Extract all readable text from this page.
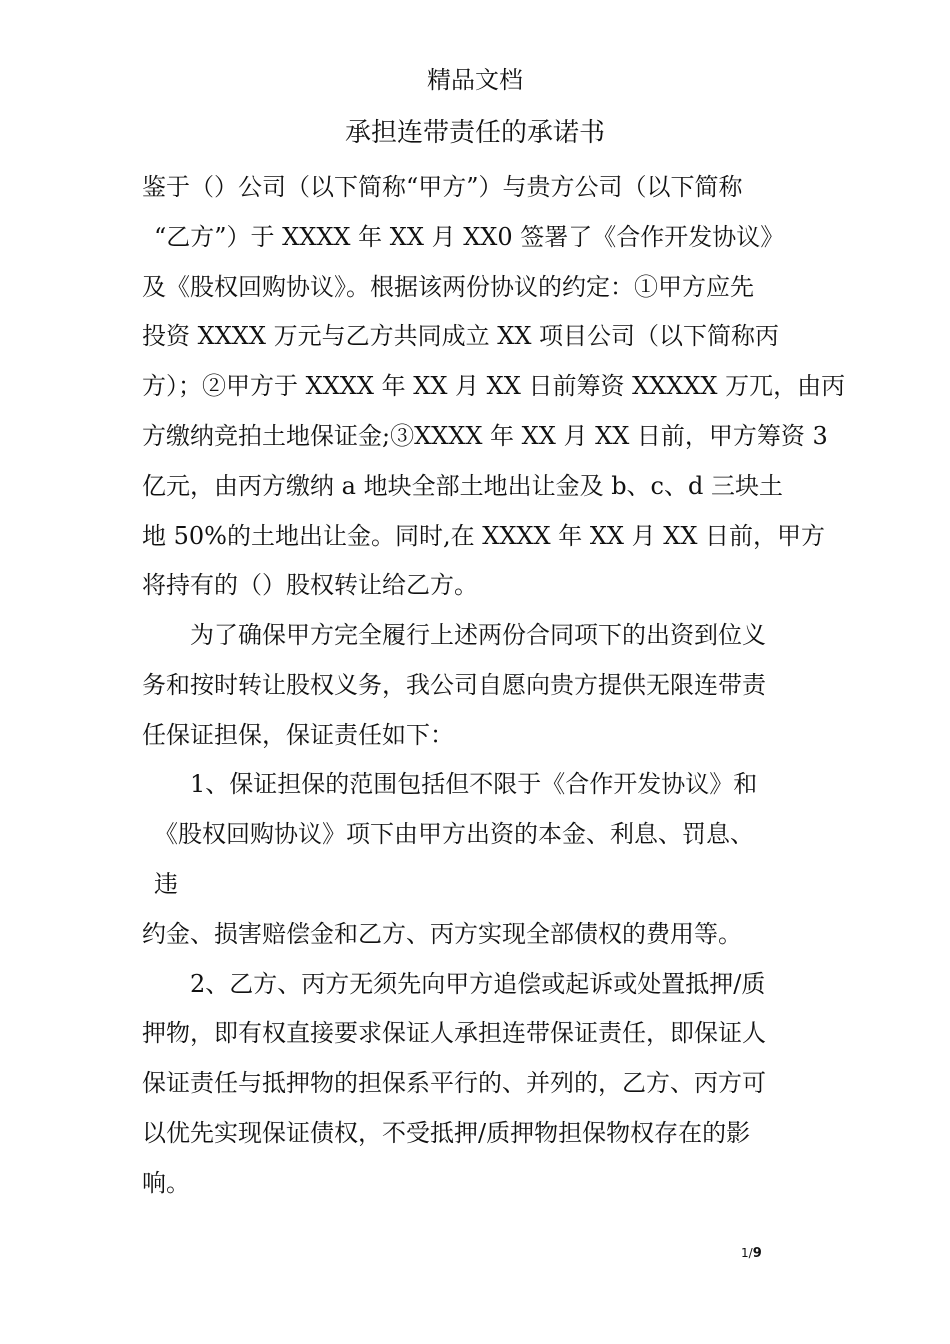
精品文档
承担连带责任的承诺书
鉴于（）公司（以下简称“甲方”）与贵方公司（以下简称
“乙方”）于 XXXX 年 XX 月 XX0 签署了《合作开发协议》
及《股权回购协议》。根据该两份协议的约定：①甲方应先
投资 XXXX 万元与乙方共同成立 XX 项目公司（以下简称丙
方）；②甲方于 XXXX 年 XX 月 XX 日前筹资 XXXXX 万兀，由丙
方缴纳竞拍土地保证金;③XXXX 年 XX 月 XX 日前，甲方筹资 3
亿元，由丙方缴纳 a 地块全部土地出让金及 b、c、d 三块土
地 50%的土地出让金。同时,在 XXXX 年 XX 月 XX 日前，甲方
将持有的（）股权转让给乙方。
为了确保甲方完全履行上述两份合同项下的出资到位义
务和按时转让股权义务，我公司自愿向贵方提供无限连带责
任保证担保，保证责任如下：
1、保证担保的范围包括但不限于《合作开发协议》和
《股权回购协议》项下由甲方出资的本金、利息、罚息、
违
约金、损害赔偿金和乙方、丙方实现全部债权的费用等。
2、乙方、丙方无须先向甲方追偿或起诉或处置抵押/质
押物，即有权直接要求保证人承担连带保证责任，即保证人
保证责任与抵押物的担保系平行的、并列的，乙方、丙方可
以优先实现保证债权，不受抵押/质押物担保物权存在的影
响。
1/9
